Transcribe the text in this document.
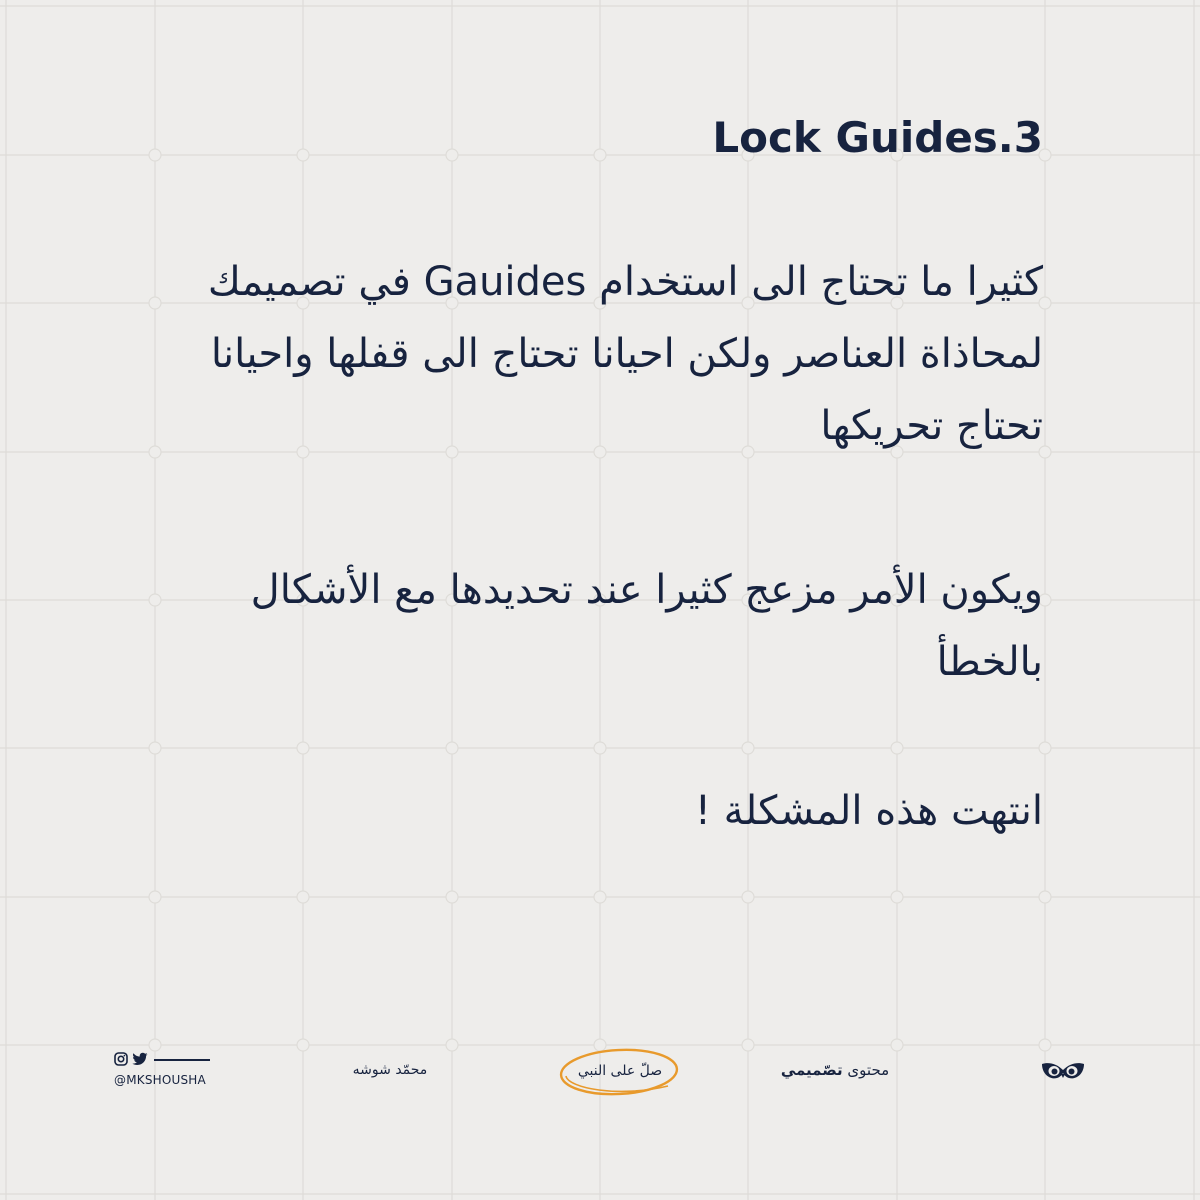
Lock Guides.3

كثيرا ما تحتاج الى استخدام Gauides في تصميمك لمحاذاة العناصر ولكن احيانا تحتاج الى قفلها واحيانا تحتاج تحريكها

ويكون الأمر مزعج كثيرا عند تحديدها مع الأشكال بالخطأ

انتهت هذه المشكلة !

@MKSHOUSHA
محمّد شوشه	صلّ على النبي	محتوى تصّميمي
